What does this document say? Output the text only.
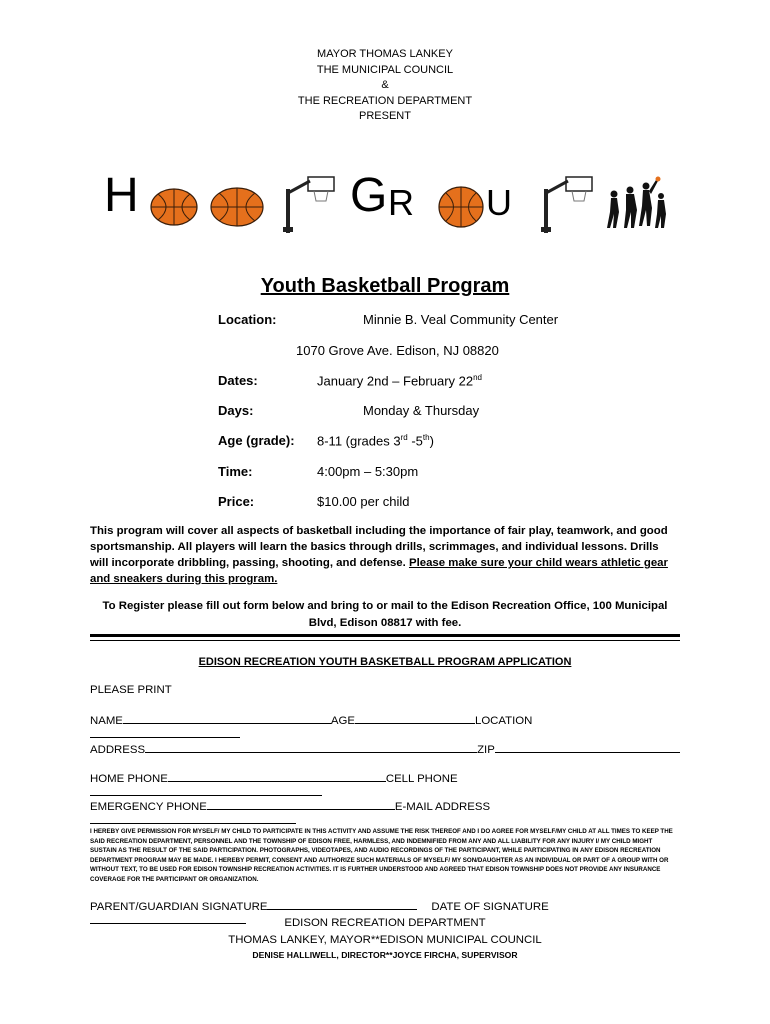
MAYOR THOMAS LANKEY
THE MUNICIPAL COUNCIL
&
THE RECREATION DEPARTMENT
PRESENT
H	G R U
Youth Basketball Program
Location:	Minnie B. Veal Community Center
1070 Grove Ave. Edison, NJ 08820
Dates:	January 2nd – February 22nd
Days:	Monday & Thursday
Age (grade): 8-11 (grades 3rd -5th)
Time:	4:00pm – 5:30pm
Price:	$10.00 per child
This program will cover all aspects of basketball including the importance of fair play, teamwork, and good sportsmanship. All players will learn the basics through drills, scrimmages, and individual lessons. Drills will incorporate dribbling, passing, shooting, and defense. Please make sure your child wears athletic gear and sneakers during this program.
To Register please fill out form below and bring to or mail to the Edison Recreation Office, 100 Municipal Blvd, Edison 08817 with fee.
EDISON RECREATION YOUTH BASKETBALL PROGRAM APPLICATION
PLEASE PRINT
NAME	AGE	LOCATION
ADDRESS	ZIP
HOME PHONE	CELL PHONE
EMERGENCY PHONE	E-MAIL ADDRESS
I HEREBY GIVE PERMISSION FOR MYSELF/ MY CHILD TO PARTICIPATE IN THIS ACTIVITY AND ASSUME THE RISK THEREOF AND I DO AGREE FOR MYSELF/MY CHILD AT ALL TIMES TO KEEP THE SAID RECREATION DEPARTMENT, PERSONNEL AND THE TOWNSHIP OF EDISON FREE, HARMLESS, AND INDEMNIFIED FROM ANY AND ALL LIABILITY FOR ANY INJURY I/ MY CHILD MIGHT SUSTAIN AS THE RESULT OF THE SAID PARTICIPATION. PHOTOGRAPHS, VIDEOTAPES, AND AUDIO RECORDINGS OF THE PARTICIPANT, WHILE PARTICIPATING IN ANY EDISON RECREATION DEPARTMENT PROGRAM MAY BE MADE. I HEREBY PERMIT, CONSENT AND AUTHORIZE SUCH MATERIALS OF MYSELF/ MY SON/DAUGHTER AS AN INDIVIDUAL OR PART OF A GROUP WITH OR WITHOUT TEXT, TO BE USED FOR EDISON TOWNSHIP RECREATION ACTIVITIES. IT IS FURTHER UNDERSTOOD AND AGREED THAT EDISON TOWNSHIP DOES NOT PROVIDE ANY INSURANCE COVERAGE FOR THE PARTICIPANT OR ORGANIZATION.
PARENT/GUARDIAN SIGNATURE	DATE OF SIGNATURE
EDISON RECREATION DEPARTMENT
THOMAS LANKEY, MAYOR**EDISON MUNICIPAL COUNCIL
DENISE HALLIWELL, DIRECTOR**JOYCE FIRCHA, SUPERVISOR
